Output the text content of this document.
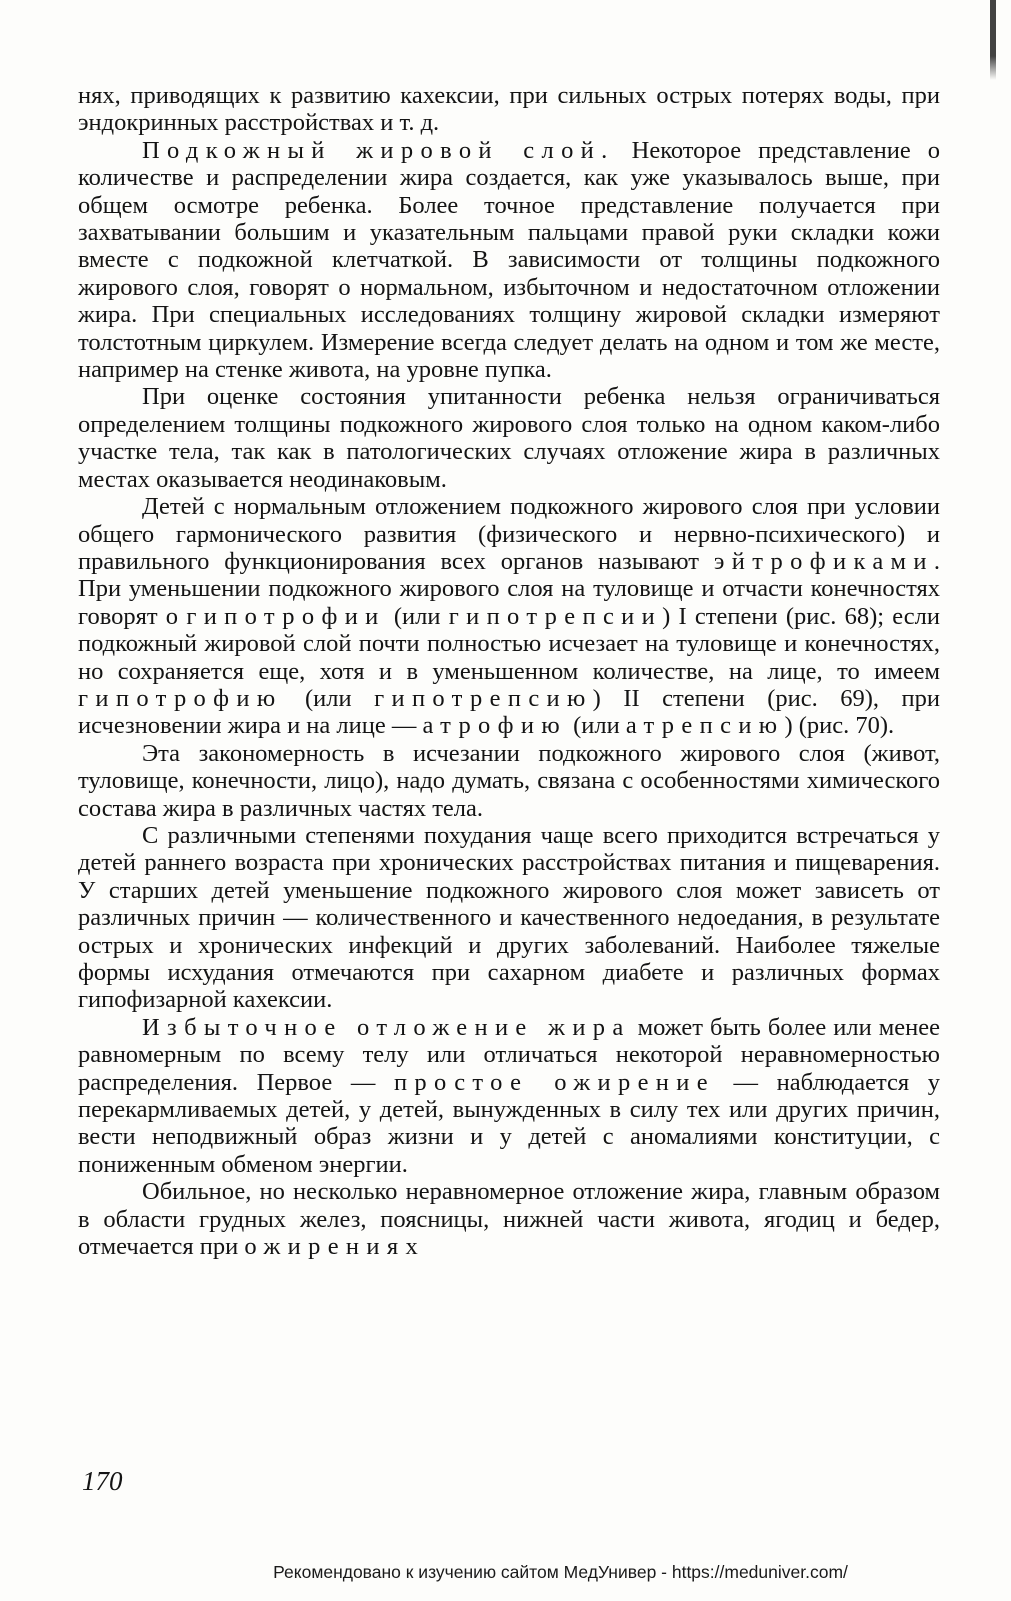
нях, приводящих к развитию кахексии, при сильных острых потерях воды, при эндокринных расстройствах и т. д.

Подкожный жировой слой. Некоторое представление о количестве и распределении жира создается, как уже указывалось выше, при общем осмотре ребенка. Более точное представление получается при захватывании большим и указательным пальцами правой руки складки кожи вместе с подкожной клетчаткой. В зависимости от толщины подкожного жирового слоя, говорят о нормальном, избыточном и недостаточном отложении жира. При специальных исследованиях толщину жировой складки измеряют толстотным циркулем. Измерение всегда следует делать на одном и том же месте, например на стенке живота, на уровне пупка.

При оценке состояния упитанности ребенка нельзя ограничиваться определением толщины подкожного жирового слоя только на одном каком-либо участке тела, так как в патологических случаях отложение жира в различных местах оказывается неодинаковым.

Детей с нормальным отложением подкожного жирового слоя при условии общего гармонического развития (физического и нервно-психического) и правильного функционирования всех органов называют эйтрофиками. При уменьшении подкожного жирового слоя на туловище и отчасти конечностях говорят о гипотрофии (или гипотрепсии) I степени (рис. 68); если подкожный жировой слой почти полностью исчезает на туловище и конечностях, но сохраняется еще, хотя и в уменьшенном количестве, на лице, то имеем гипотрофию (или гипотрепсию) II степени (рис. 69), при исчезновении жира и на лице — атрофию (или атрепсию) (рис. 70).

Эта закономерность в исчезании подкожного жирового слоя (живот, туловище, конечности, лицо), надо думать, связана с особенностями химического состава жира в различных частях тела.

С различными степенями похудания чаще всего приходится встречаться у детей раннего возраста при хронических расстройствах питания и пищеварения. У старших детей уменьшение подкожного жирового слоя может зависеть от различных причин — количественного и качественного недоедания, в результате острых и хронических инфекций и других заболеваний. Наиболее тяжелые формы исхудания отмечаются при сахарном диабете и различных формах гипофизарной кахексии.

Избыточное отложение жира может быть более или менее равномерным по всему телу или отличаться некоторой неравномерностью распределения. Первое — простое ожирение — наблюдается у перекармливаемых детей, у детей, вынужденных в силу тех или других причин, вести неподвижный образ жизни и у детей с аномалиями конституции, с пониженным обменом энергии.

Обильное, но несколько неравномерное отложение жира, главным образом в области грудных желез, поясницы, нижней части живота, ягодиц и бедер, отмечается при ожирениях

170
Рекомендовано к изучению сайтом МедУнивер - https://meduniver.com/
